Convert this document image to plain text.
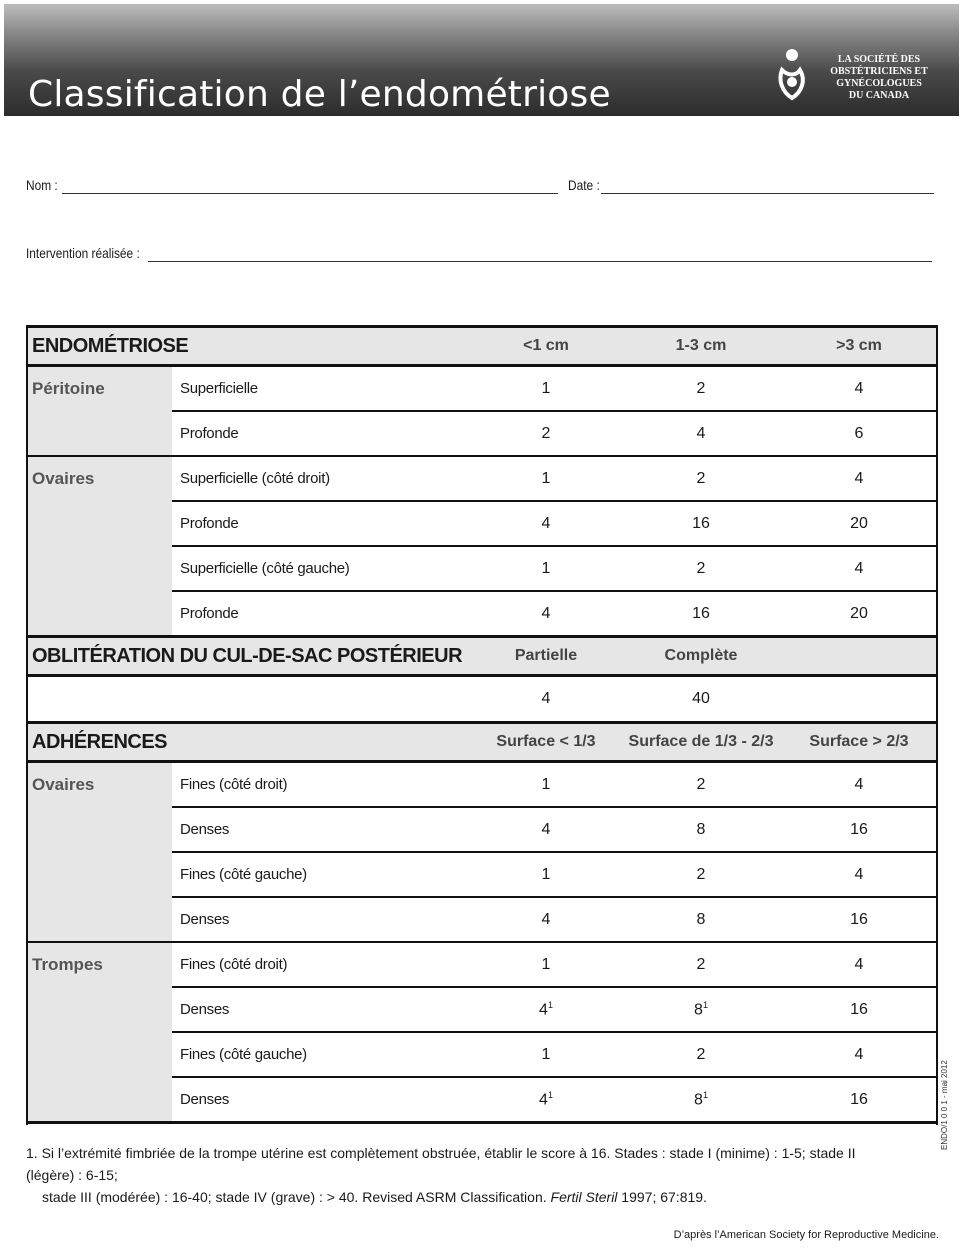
Classification de l’endométriose
LA SOCIÉTÉ DES
OBSTÉTRICIENS ET
GYNÉCOLOGUES
DU CANADA
Nom :	Date :
Intervention réalisée :
ENDOMÉTRIOSE		<1 cm	1-3 cm	>3 cm
Péritoine	Superficielle	1	2	4
	Profonde	2	4	6
Ovaires	Superficielle (côté droit)	1	2	4
	Profonde	4	16	20
	Superficielle (côté gauche)	1	2	4
	Profonde	4	16	20
OBLITÉRATION DU CUL-DE-SAC POSTÉRIEUR		Partielle	Complète	
		4	40	
ADHÉRENCES		Surface < 1/3	Surface de 1/3 - 2/3	Surface > 2/3
Ovaires	Fines (côté droit)	1	2	4
	Denses	4	8	16
	Fines (côté gauche)	1	2	4
	Denses	4	8	16
Trompes	Fines (côté droit)	1	2	4
	Denses	$4^1$	$8^1$	16
	Fines (côté gauche)	1	2	4
	Denses	$4^1$	$8^1$	16
1. Si l’extrémité fimbriée de la trompe utérine est complètement obstruée, établir le score à 16. Stades : stade I (minime) : 1-5; stade II (légère) : 6-15;
stade III (modérée) : 16-40; stade IV (grave) : > 40. Revised ASRM Classification. Fertil Steril 1997; 67:819.
ENDO/1 0 0 1 - mai 2012
D’après l’American Society for Reproductive Medicine.
